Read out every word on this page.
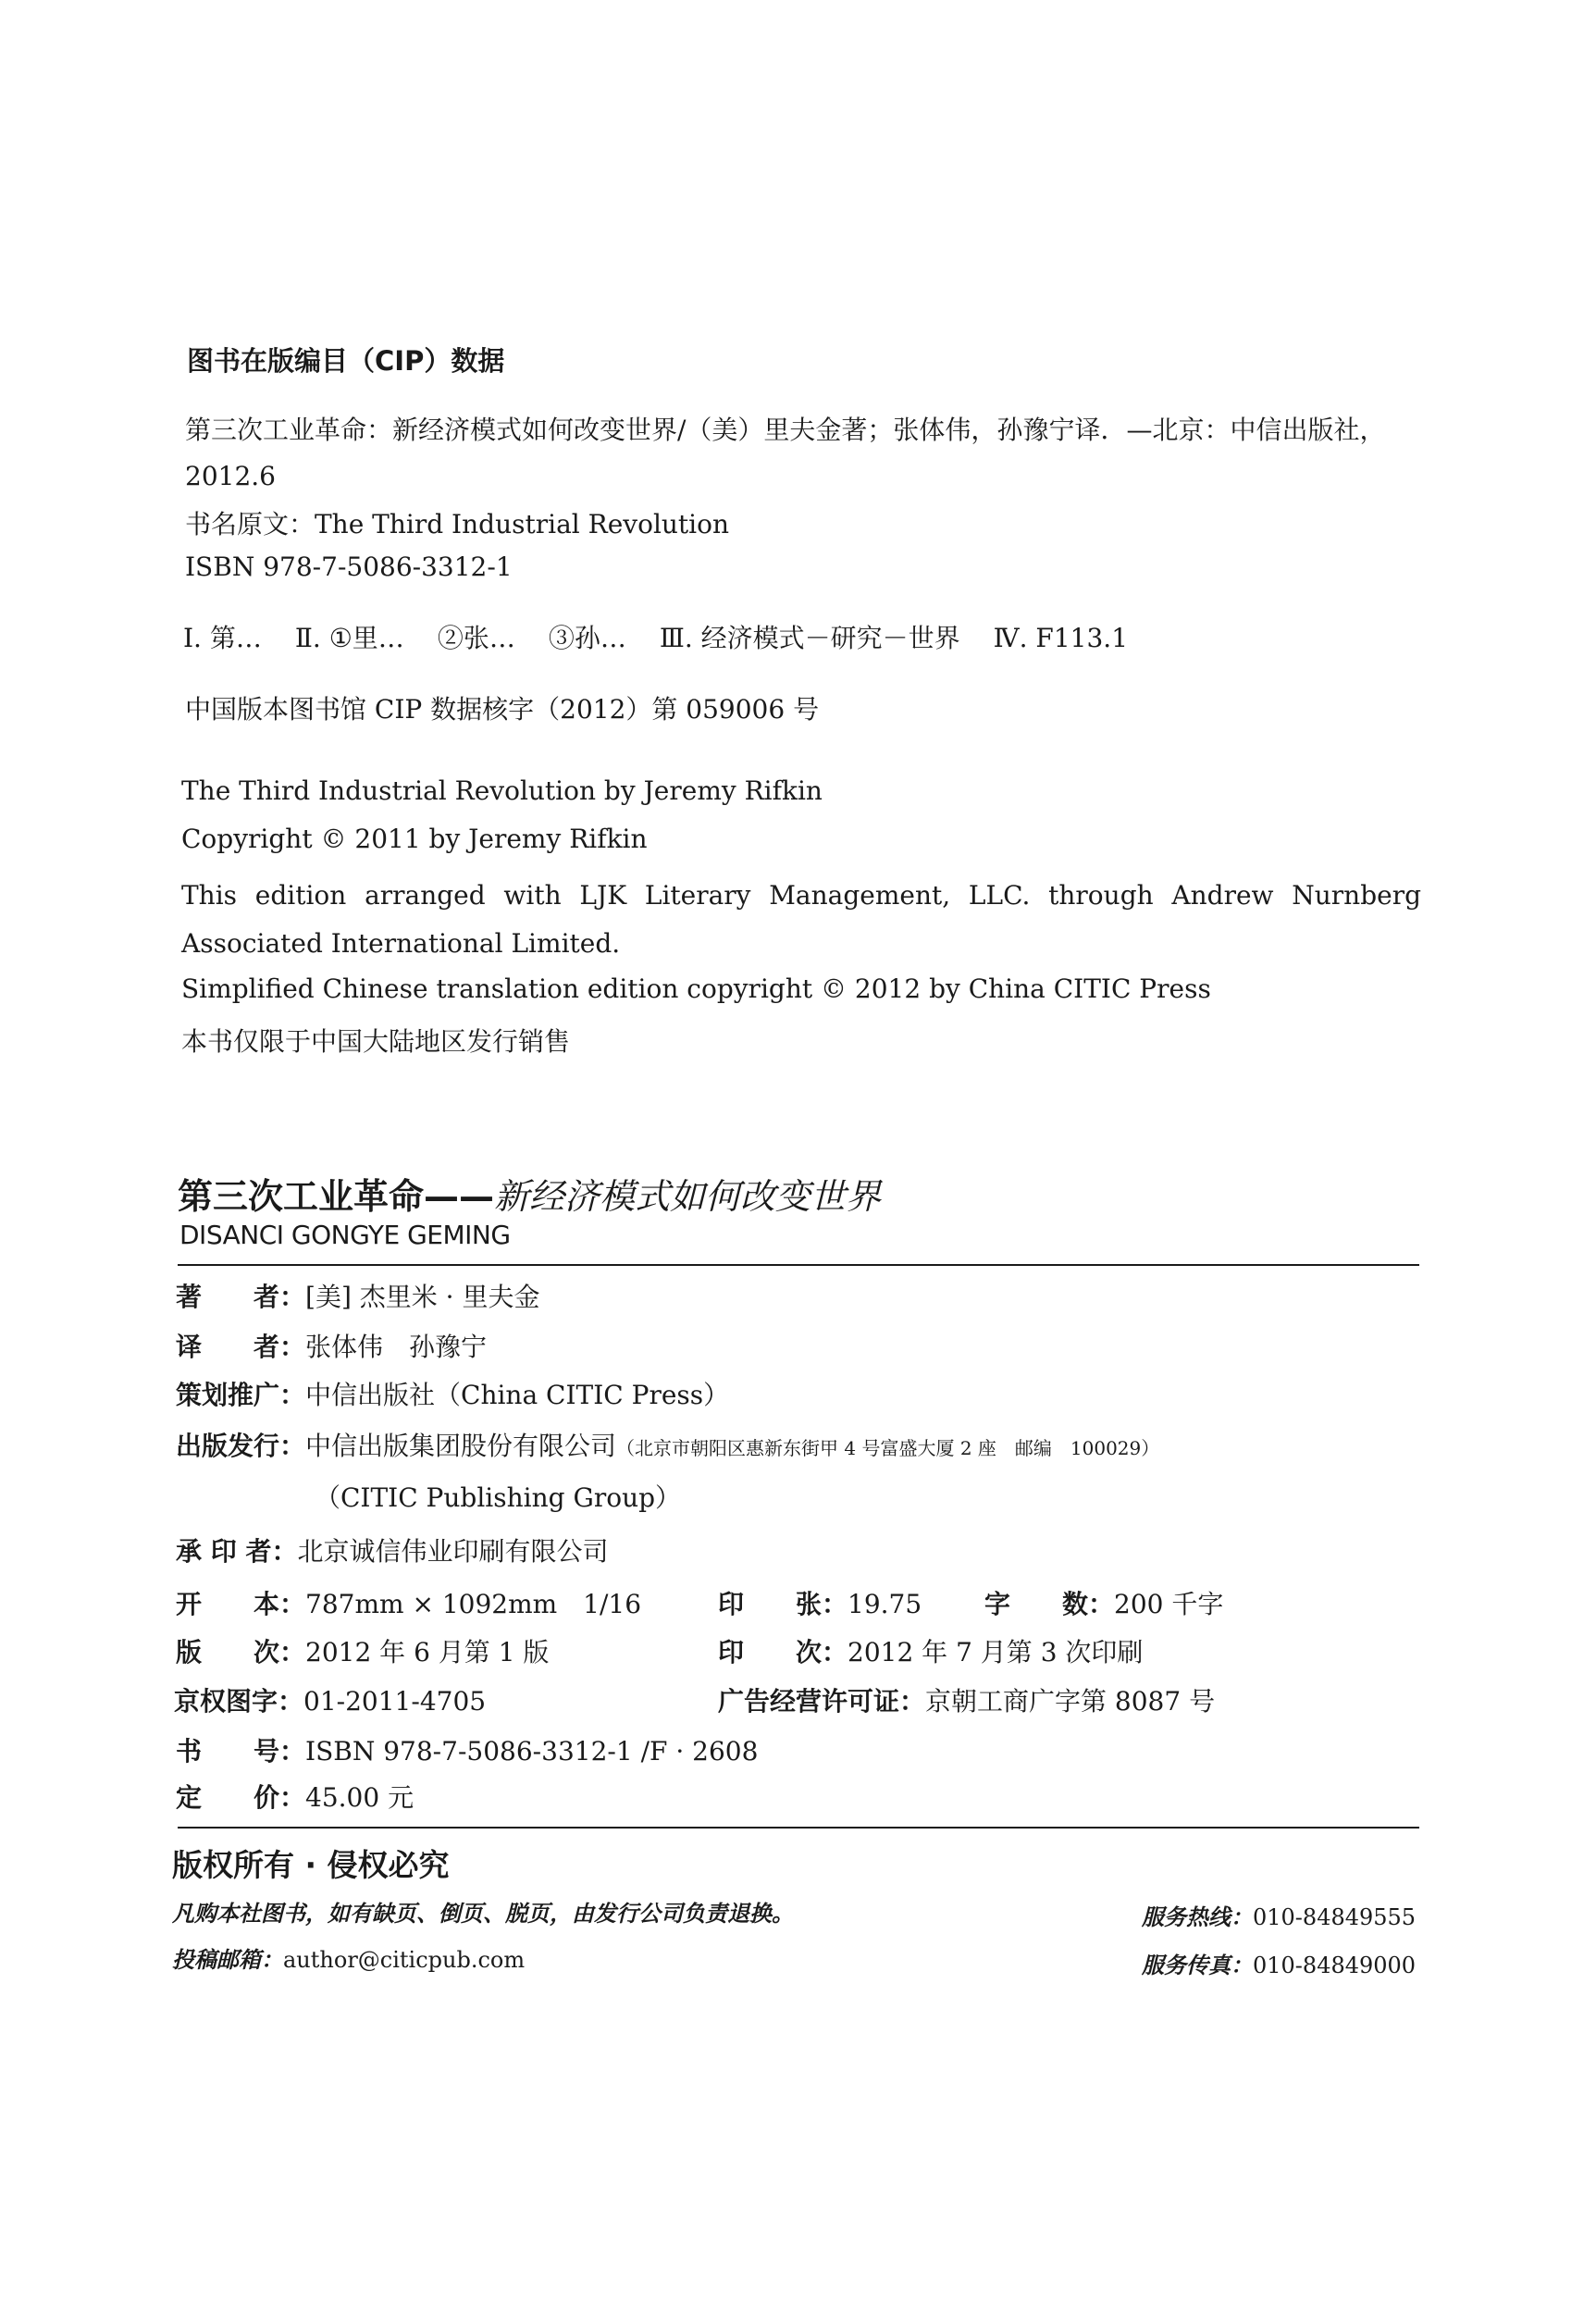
图书在版编目（CIP）数据
第三次工业革命：新经济模式如何改变世界/（美）里夫金著；张体伟，孙豫宁译．—北京：中信出版社，2012.6
书名原文：The Third Industrial Revolution
ISBN 978-7-5086-3312-1
Ⅰ. 第… Ⅱ. ①里… ②张… ③孙… Ⅲ. 经济模式－研究－世界 Ⅳ. F113.1
中国版本图书馆 CIP 数据核字（2012）第 059006 号
The Third Industrial Revolution by Jeremy Rifkin
Copyright © 2011 by Jeremy Rifkin
This edition arranged with LJK Literary Management, LLC. through Andrew Nurnberg Associated International Limited.
Simplified Chinese translation edition copyright © 2012 by China CITIC Press
本书仅限于中国大陆地区发行销售
第三次工业革命——新经济模式如何改变世界
DISANCI GONGYE GEMING
著　　者：[美] 杰里米 · 里夫金
译　　者：张体伟　孙豫宁
策划推广：中信出版社（China CITIC Press）
出版发行：中信出版集团股份有限公司（北京市朝阳区惠新东街甲 4 号富盛大厦 2 座　邮编　100029）
（CITIC Publishing Group）
承 印 者：北京诚信伟业印刷有限公司
开　　本：787mm × 1092mm　1/16	印　　张：19.75 字　　数：200 千字
版　　次：2012 年 6 月第 1 版	印　　次：2012 年 7 月第 3 次印刷
京权图字：01-2011-4705	广告经营许可证：京朝工商广字第 8087 号
书　　号：ISBN 978-7-5086-3312-1 /F · 2608
定　　价：45.00 元
版权所有 · 侵权必究
凡购本社图书，如有缺页、倒页、脱页，由发行公司负责退换。	服务热线：010-84849555
投稿邮箱：author@citicpub.com	服务传真：010-84849000
